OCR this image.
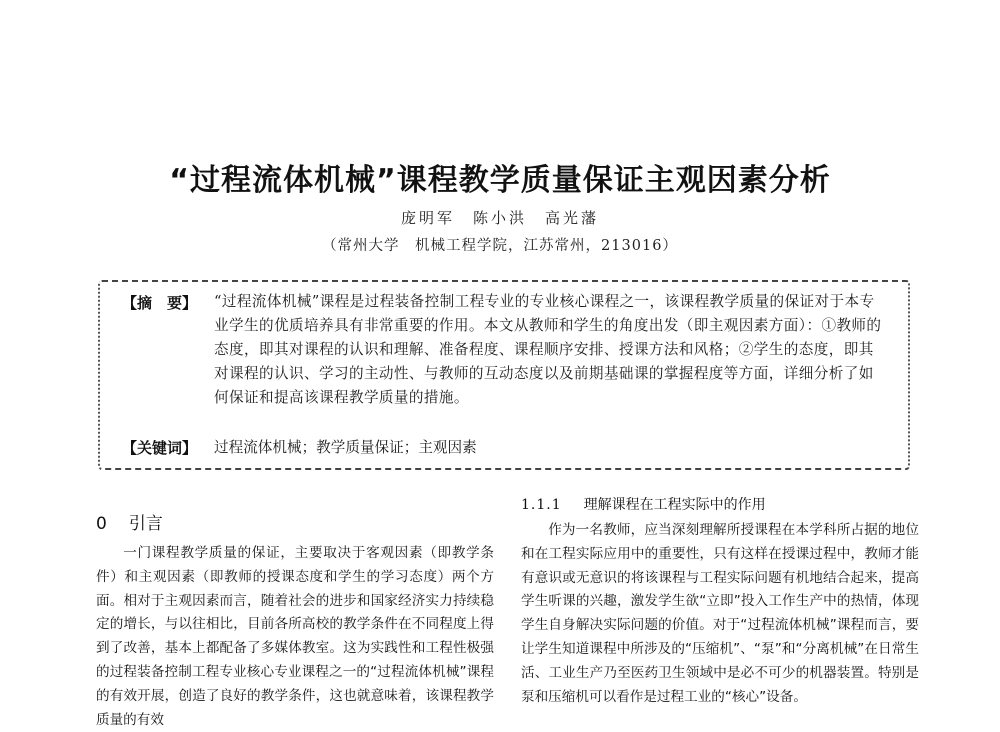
“过程流体机械”课程教学质量保证主观因素分析
庞明军　陈小洪　高光藩
（常州大学　机械工程学院，江苏常州，213016）
【摘　要】 “过程流体机械”课程是过程装备控制工程专业的专业核心课程之一，该课程教学质量的保证对于本专业学生的优质培养具有非常重要的作用。本文从教师和学生的角度出发（即主观因素方面）：①教师的态度，即其对课程的认识和理解、准备程度、课程顺序安排、授课方法和风格；②学生的态度，即其对课程的认识、学习的主动性、与教师的互动态度以及前期基础课的掌握程度等方面，详细分析了如何保证和提高该课程教学质量的措施。
【关键词】 过程流体机械；教学质量保证；主观因素
0 引言

一门课程教学质量的保证，主要取决于客观因素（即教学条件）和主观因素（即教师的授课态度和学生的学习态度）两个方面。相对于主观因素而言，随着社会的进步和国家经济实力持续稳定的增长，与以往相比，目前各所高校的教学条件在不同程度上得到了改善，基本上都配备了多媒体教室。这为实践性和工程性极强的过程装备控制工程专业核心专业课程之一的“过程流体机械”课程的有效开展，创造了良好的教学条件，这也就意味着，该课程教学质量的有效

1.1.1 理解课程在工程实际中的作用

作为一名教师，应当深刻理解所授课程在本学科所占据的地位和在工程实际应用中的重要性，只有这样在授课过程中，教师才能有意识或无意识的将该课程与工程实际问题有机地结合起来，提高学生听课的兴趣，激发学生欲“立即”投入工作生产中的热情，体现学生自身解决实际问题的价值。对于“过程流体机械”课程而言，要让学生知道课程中所涉及的“压缩机”、“泵”和“分离机械”在日常生活、工业生产乃至医药卫生领域中是必不可少的机器装置。特别是泵和压缩机可以看作是过程工业的“核心”设备。
